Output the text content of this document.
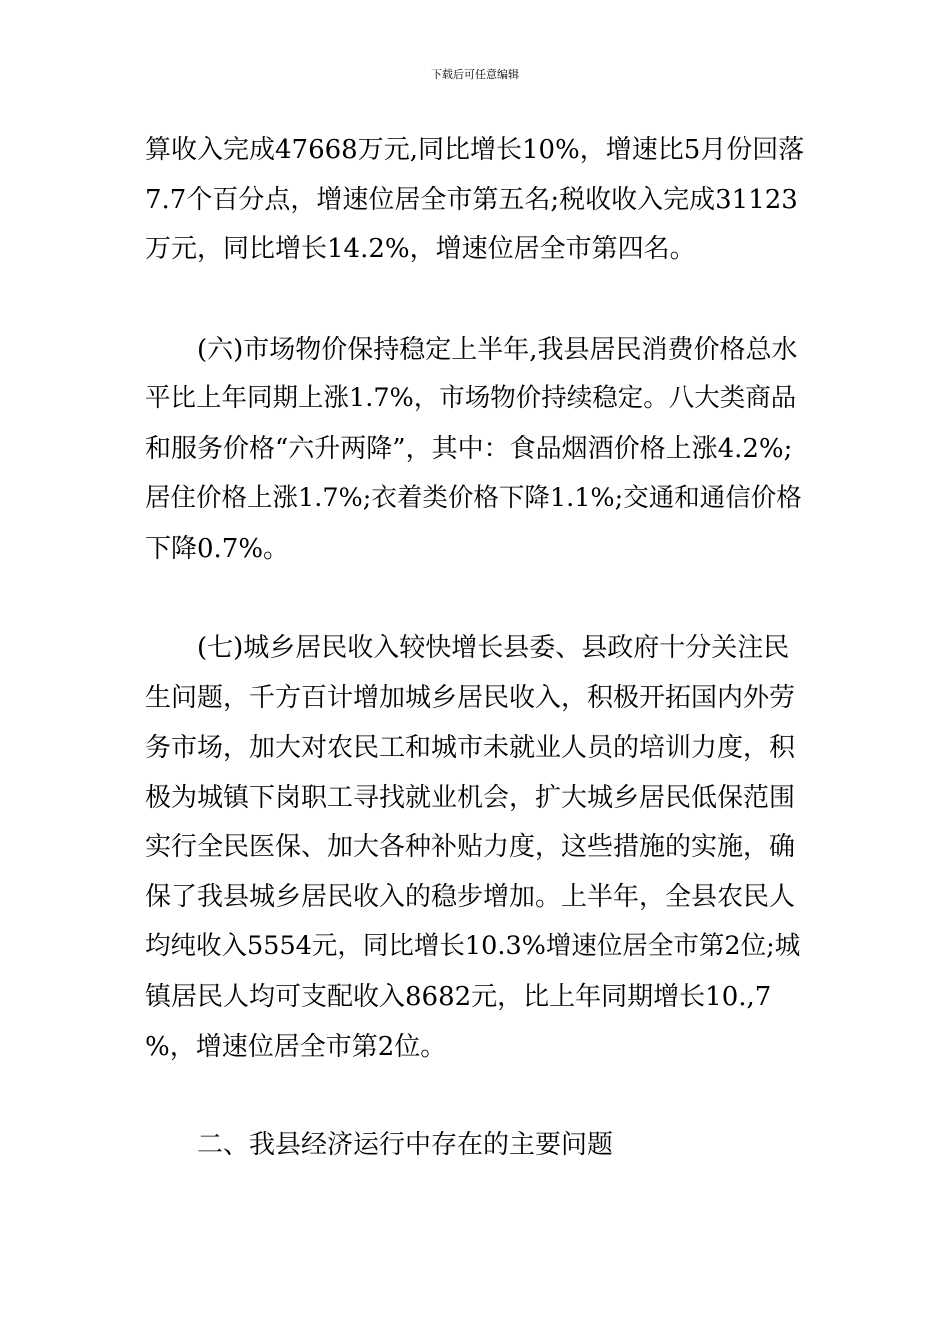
下载后可任意编辑
算收入完成47668万元,同比增长10%，增速比5月份回落
7.7个百分点，增速位居全市第五名;税收收入完成31123
万元，同比增长14.2%，增速位居全市第四名。
(六)市场物价保持稳定上半年,我县居民消费价格总水
平比上年同期上涨1.7%，市场物价持续稳定。八大类商品
和服务价格“六升两降”，其中：食品烟酒价格上涨4.2%;
居住价格上涨1.7%;衣着类价格下降1.1%;交通和通信价格
下降0.7%。
(七)城乡居民收入较快增长县委、县政府十分关注民
生问题，千方百计增加城乡居民收入，积极开拓国内外劳
务市场，加大对农民工和城市未就业人员的培训力度，积
极为城镇下岗职工寻找就业机会，扩大城乡居民低保范围
实行全民医保、加大各种补贴力度，这些措施的实施，确
保了我县城乡居民收入的稳步增加。上半年，全县农民人
均纯收入5554元，同比增长10.3%增速位居全市第2位;城
镇居民人均可支配收入8682元，比上年同期增长10.,7
%，增速位居全市第2位。
二、我县经济运行中存在的主要问题
